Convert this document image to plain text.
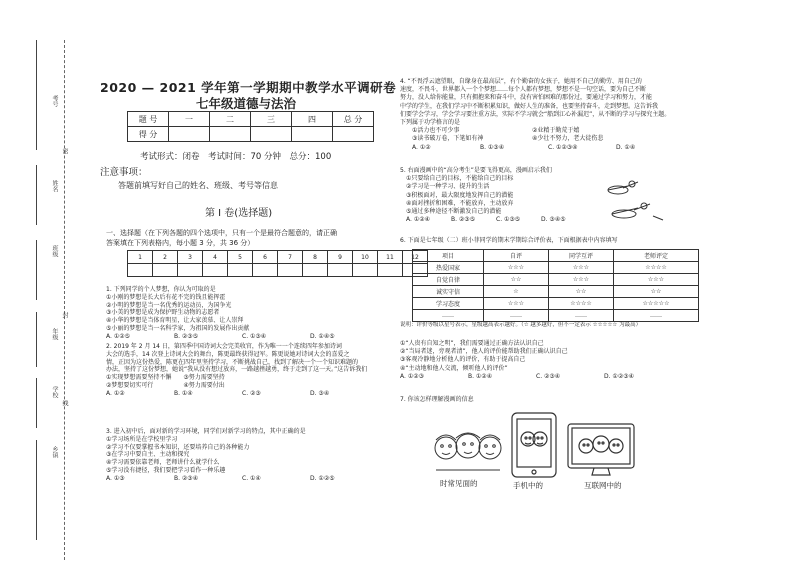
考号
姓名
班级
年级
学校
乡镇
密
封
线
2020 — 2021 学年第一学期期中教学水平调研卷
七年级道德与法治
题 号	一	二	三	四	总 分
得 分					
考试形式：闭卷　考试时间：70 分钟　总分：100
注意事项：
答题前填写好自己的姓名、班级、考号等信息
第 I 卷(选择题)
一、选择题（在下列各题的四个选项中，只有一个是最符合题意的，请正确
答案填在下列表格内，每小题 3 分，共 36 分）
1	2	3	4	5	6	7	8	9	10	11	12

1. 下列同学的个人梦想，你认为可取的是
①小刚的梦想是长大后有花不完的钱且能挥霍
②小明的梦想是当一名优秀的运动员，为国争光
③小美的梦想是成为保护野生动物的志愿者
④小华的梦想是当体育明星，让大家羡慕、让人崇拜
⑤小丽的梦想是当一名科学家，为祖国的发展作出贡献
A. ①②⑤	B. ②③⑤	C. ①③④	D. ①④⑤
2. 2019 年 2 月 14 日，第四季中国诗词大会完美收官，作为唯一一个连续四年参加诗词
大会的选手，14 次登上诗词大会的舞台，陈更最终获得冠军。陈更说她对诗词大会的喜爱之
情，正因为这份热爱，陈更在四年里坚持学习，不断挑战自己，找到了解决一个一个知识难题的
办法，坚持了这份梦想，她说“我从没有想过放弃，一路越挫越勇，终于走到了这一天。”这告诉我们
①实现梦想需要坚持不懈　　③努力需要坚持
②梦想要切实可行　　　　　④努力需要付出
A. ①②	B. ①④	C. ②③	D. ③④
3. 进入初中后，面对新的学习环境，同学们对新学习的特点，其中正确的是
①学习场所是在学校里学习
②学习不仅要掌握书本知识，还要培养自己的各种能力
③在学习中要自主、主动和探究
④学习需要依靠老师，老师讲什么就学什么
⑤学习没有捷径，我们要把学习看作一种乐趣
A. ①③	B. ②③④	C. ①④	D. ①②⑤
4. “不畏浮云遮望眼，自缘身在最高层”，有个勤奋的女孩子，她用不自己的勤劳、用自己的
速度，不畏斗，世界都入一个个梦想……每个人都有梦想，梦想不是一句空话，要为自己不断
努力，没人给你能量，只有拥抱来和奋斗中，没有害怕困难的那份过，要通过学习和努力，才能
中学的学生，在我们学习中不断积累知识，做好人生的准备，也要坚持奋斗，走到梦想。这告诉我
们要学会学习，学会学习要注重方法，实际不学习就会“船到江心补漏迟”，从不断的学习与探究主题。
下列属于功学格言的是
①活力也不可少事	②业精于勤荒于嬉
③读书破万卷，下笔如有神	④少壮不努力，老大徒伤悲
A. ①②	B. ①③④	C. ①②③④	D. ①④
5. 右面漫画中的“高分考生”是要飞得更高，漫画启示我们
①只要给自己的目标，不能给自己的目标
②学习是一种学习、提升的生活
③积极面对，最大限度地发挥自己的潜能
④面对挫折和困难，不能放弃，主动放弃
⑤通过多种途径不断激发自己的潜能
A. ①②④	B. ②③⑤	C. ①③⑤	D. ③④⑤
6. 下面是七年级（二）班小菲同学的期末学期综合评价表，下面根据表中内容填写
项目	自评	同学互评	老师评定
热爱国家	☆☆☆	☆☆☆	☆☆☆☆
自觉自律	☆☆	☆☆☆	☆☆☆
诚实守信	☆	☆☆	☆☆
学习态度	☆☆☆	☆☆☆☆	☆☆☆☆☆
……	……	……	……
说明：评价等级以星号表示，星级越高表示越好。（☆ 越多越好，但不一定表示 ☆☆☆☆☆ 为最高）
①“人贵有自知之明”，我们需要通过正确方法认识自己
②“当局者迷，旁观者清”，他人的评价能帮助我们正确认识自己
③客观冷静地分析他人的评价，有助于提高自己
④“主动地和他人交流，倾听他人的评价”
A. ①②③	B. ①②④	C. ②③④	D. ①②③④
7. 你该怎样理解漫画的信息
时常见面的	手机中的	互联网中的
